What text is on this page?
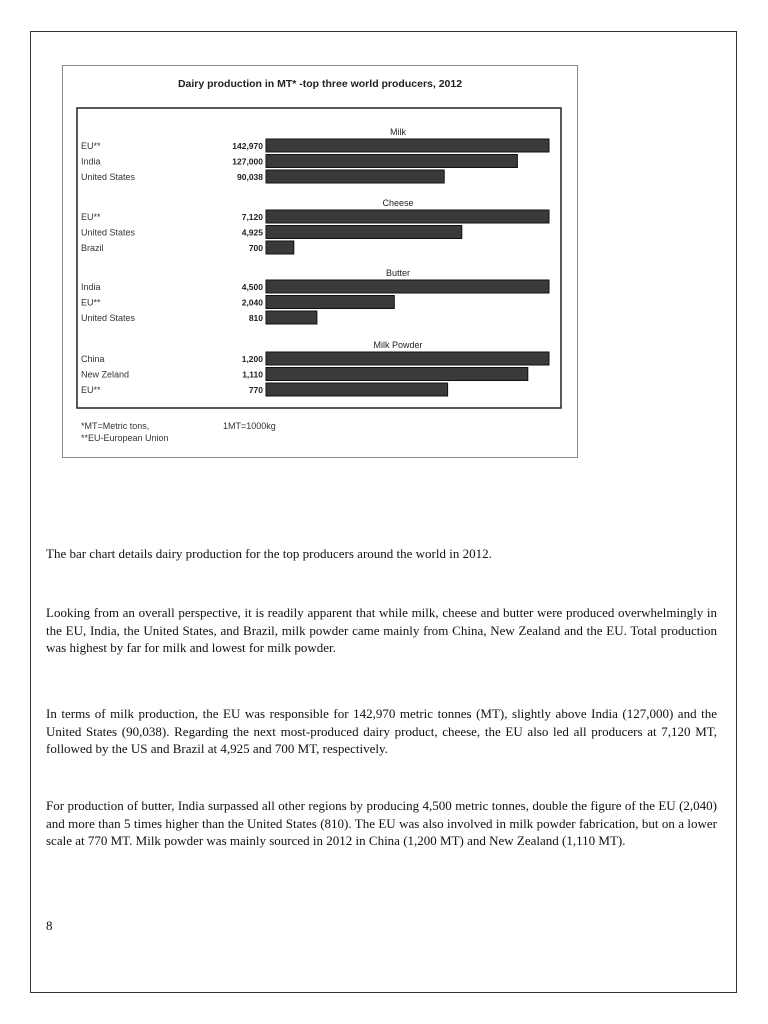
Dairy production in MT* -top three world producers, 2012
Milk
EU**	142,970
India	127,000
United States	90,038
Cheese
EU**	7,120
United States	4,925
Brazil	700
Butter
India	4,500
EU**	2,040
United States	810
Milk Powder
China	1,200
New Zeland	1,110
EU**	770
*MT=Metric tons,
**EU-European Union
1MT=1000kg

The bar chart details dairy production for the top producers around the world in 2012.

Looking from an overall perspective, it is readily apparent that while milk, cheese and butter were produced overwhelmingly in the EU, India, the United States, and Brazil, milk powder came mainly from China, New Zealand and the EU. Total production was highest by far for milk and lowest for milk powder.

In terms of milk production, the EU was responsible for 142,970 metric tonnes (MT), slightly above India (127,000) and the United States (90,038). Regarding the next most-produced dairy product, cheese, the EU also led all producers at 7,120 MT, followed by the US and Brazil at 4,925 and 700 MT, respectively.

For production of butter, India surpassed all other regions by producing 4,500 metric tonnes, double the figure of the EU (2,040) and more than 5 times higher than the United States (810). The EU was also involved in milk powder fabrication, but on a lower scale at 770 MT. Milk powder was mainly sourced in 2012 in China (1,200 MT) and New Zealand (1,110 MT).

8
